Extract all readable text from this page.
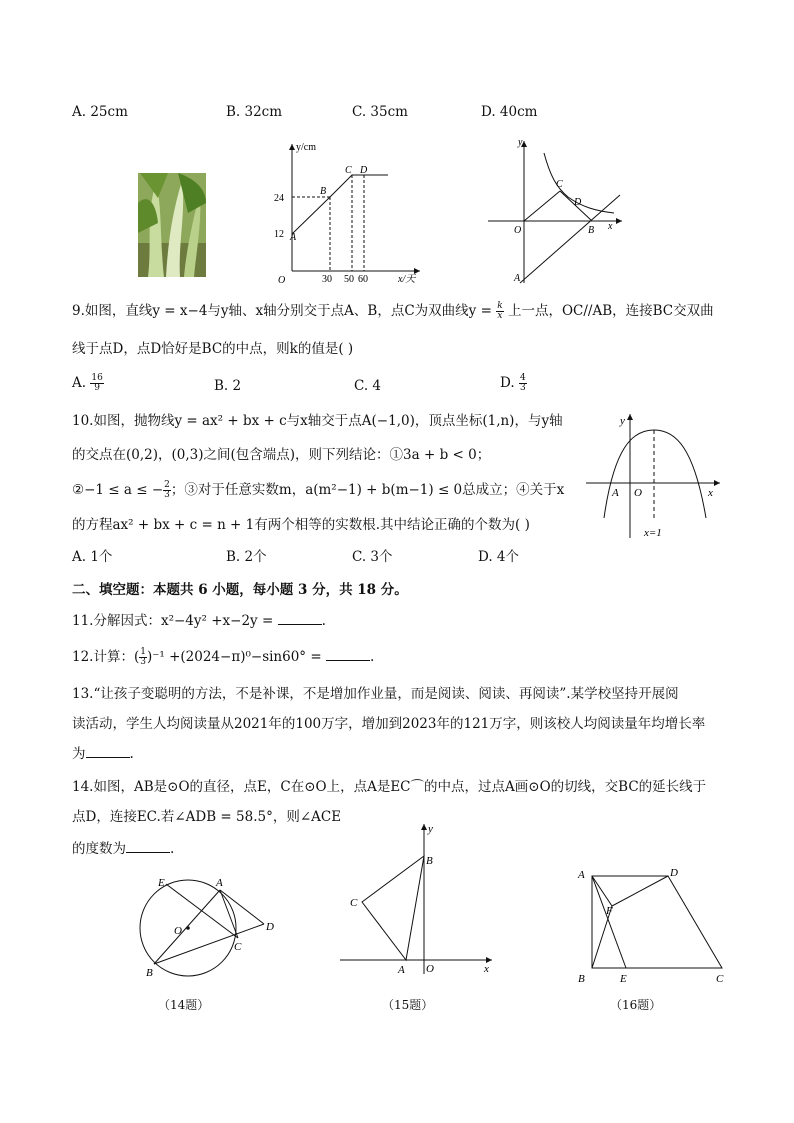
A. 25cm	B. 32cm	C. 35cm	D. 40cm
y/cm
x/天
O
24
12
30 50 60
A
B
C D
y
C
D
O	B x
A
9.如图，直线y = x−4与y轴、x轴分别交于点A、B，点C为双曲线$y = \frac{k}{x}$ 上一点，OC//AB，连接BC交双曲
线于点D，点D恰好是BC的中点，则k的值是( )
A. $\frac{16}{9}$	B. 2	C. 4	D. $\frac{4}{3}$
10.如图，抛物线y = ax² + bx + c与x轴交于点A(−1,0)，顶点坐标(1,n)，与y轴
的交点在(0,2)，(0,3)之间(包含端点)，则下列结论：①3a + b < 0；
②−1 ≤ a ≤ − $\frac{2}{3}$ ；③对于任意实数m，a(m²−1) + b(m−1) ≤ 0总成立；④关于x
的方程ax² + bx + c = n + 1有两个相等的实数根.其中结论正确的个数为( )
A. 1个	B. 2个	C. 3个	D. 4个
y
A O	x
x=1
二、填空题：本题共 6 小题，每小题 3 分，共 18 分。
11.分解因式：x²−4y² +x−2y =	.
12.计算：( $\frac{1}{3} )^{-1} +(2024-\pi)^0-\sin 60^\circ$ =	.
13.“让孩子变聪明的方法，不是补课，不是增加作业量，而是阅读、阅读、再阅读”.某学校坚持开展阅
读活动，学生人均阅读量从2021年的100万字，增加到2023年的121万字，则该校人均阅读量年均增长率
为	.
14.如图，AB是⊙O的直径，点E，C在⊙O上，点A是EC⌒的中点，过点A画⊙O的切线，交BC的延长线于
点D，连接EC.若∠ADB = 58.5°，则∠ACE
的度数为	.
E	A
O
C
D
B
（14题）
y
B
C
A O	x
（15题）
A	D
F
B	E	C
（16题）
